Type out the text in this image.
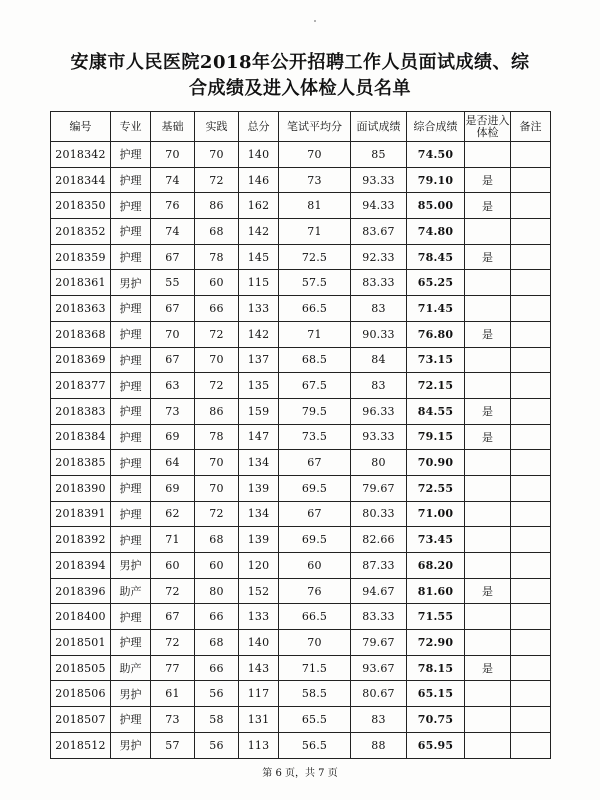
安康市人民医院2018年公开招聘工作人员面试成绩、综
合成绩及进入体检人员名单
编号	专业	基础	实践	总分	笔试平均分	面试成绩	综合成绩	是否进入体检	备注
2018342	护理	70	70	140	70	85	74.50		
2018344	护理	74	72	146	73	93.33	79.10	是	
2018350	护理	76	86	162	81	94.33	85.00	是	
2018352	护理	74	68	142	71	83.67	74.80		
2018359	护理	67	78	145	72.5	92.33	78.45	是	
2018361	男护	55	60	115	57.5	83.33	65.25		
2018363	护理	67	66	133	66.5	83	71.45		
2018368	护理	70	72	142	71	90.33	76.80	是	
2018369	护理	67	70	137	68.5	84	73.15		
2018377	护理	63	72	135	67.5	83	72.15		
2018383	护理	73	86	159	79.5	96.33	84.55	是	
2018384	护理	69	78	147	73.5	93.33	79.15	是	
2018385	护理	64	70	134	67	80	70.90		
2018390	护理	69	70	139	69.5	79.67	72.55		
2018391	护理	62	72	134	67	80.33	71.00		
2018392	护理	71	68	139	69.5	82.66	73.45		
2018394	男护	60	60	120	60	87.33	68.20		
2018396	助产	72	80	152	76	94.67	81.60	是	
2018400	护理	67	66	133	66.5	83.33	71.55		
2018501	护理	72	68	140	70	79.67	72.90		
2018505	助产	77	66	143	71.5	93.67	78.15	是	
2018506	男护	61	56	117	58.5	80.67	65.15		
2018507	护理	73	58	131	65.5	83	70.75		
2018512	男护	57	56	113	56.5	88	65.95		
第 6 页，共 7 页
